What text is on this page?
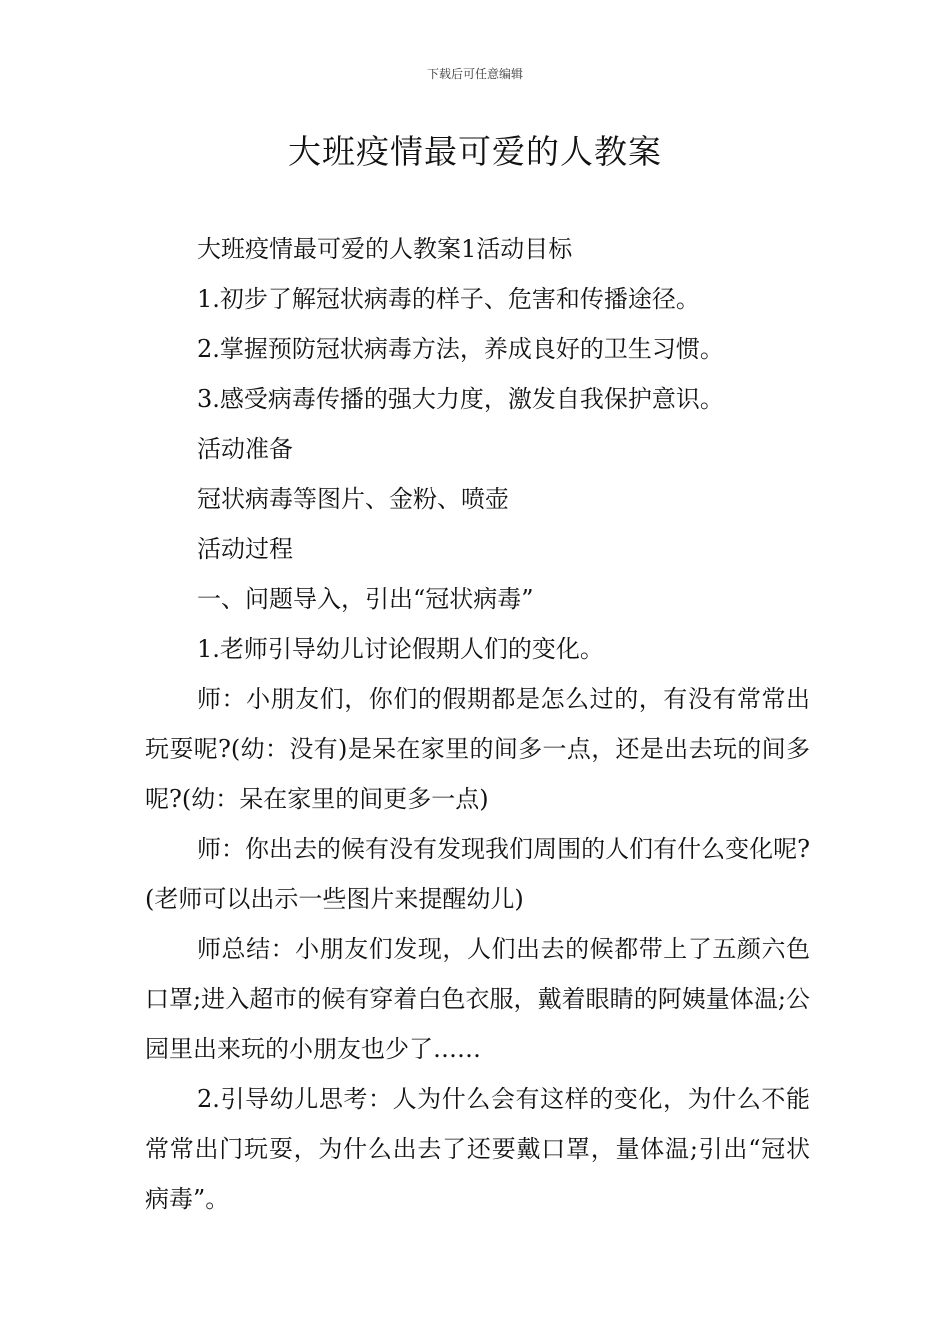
下载后可任意编辑
大班疫情最可爱的人教案

大班疫情最可爱的人教案1活动目标

1.初步了解冠状病毒的样子、危害和传播途径。

2.掌握预防冠状病毒方法，养成良好的卫生习惯。

3.感受病毒传播的强大力度，激发自我保护意识。

活动准备

冠状病毒等图片、金粉、喷壶

活动过程

一、问题导入，引出“冠状病毒”

1.老师引导幼儿讨论假期人们的变化。

师：小朋友们，你们的假期都是怎么过的，有没有常常出玩耍呢?(幼：没有)是呆在家里的间多一点，还是出去玩的间多呢?(幼：呆在家里的间更多一点)

师：你出去的候有没有发现我们周围的人们有什么变化呢?(老师可以出示一些图片来提醒幼儿)

师总结：小朋友们发现，人们出去的候都带上了五颜六色口罩;进入超市的候有穿着白色衣服，戴着眼睛的阿姨量体温;公园里出来玩的小朋友也少了……

2.引导幼儿思考：人为什么会有这样的变化，为什么不能常常出门玩耍，为什么出去了还要戴口罩，量体温;引出“冠状病毒”。
